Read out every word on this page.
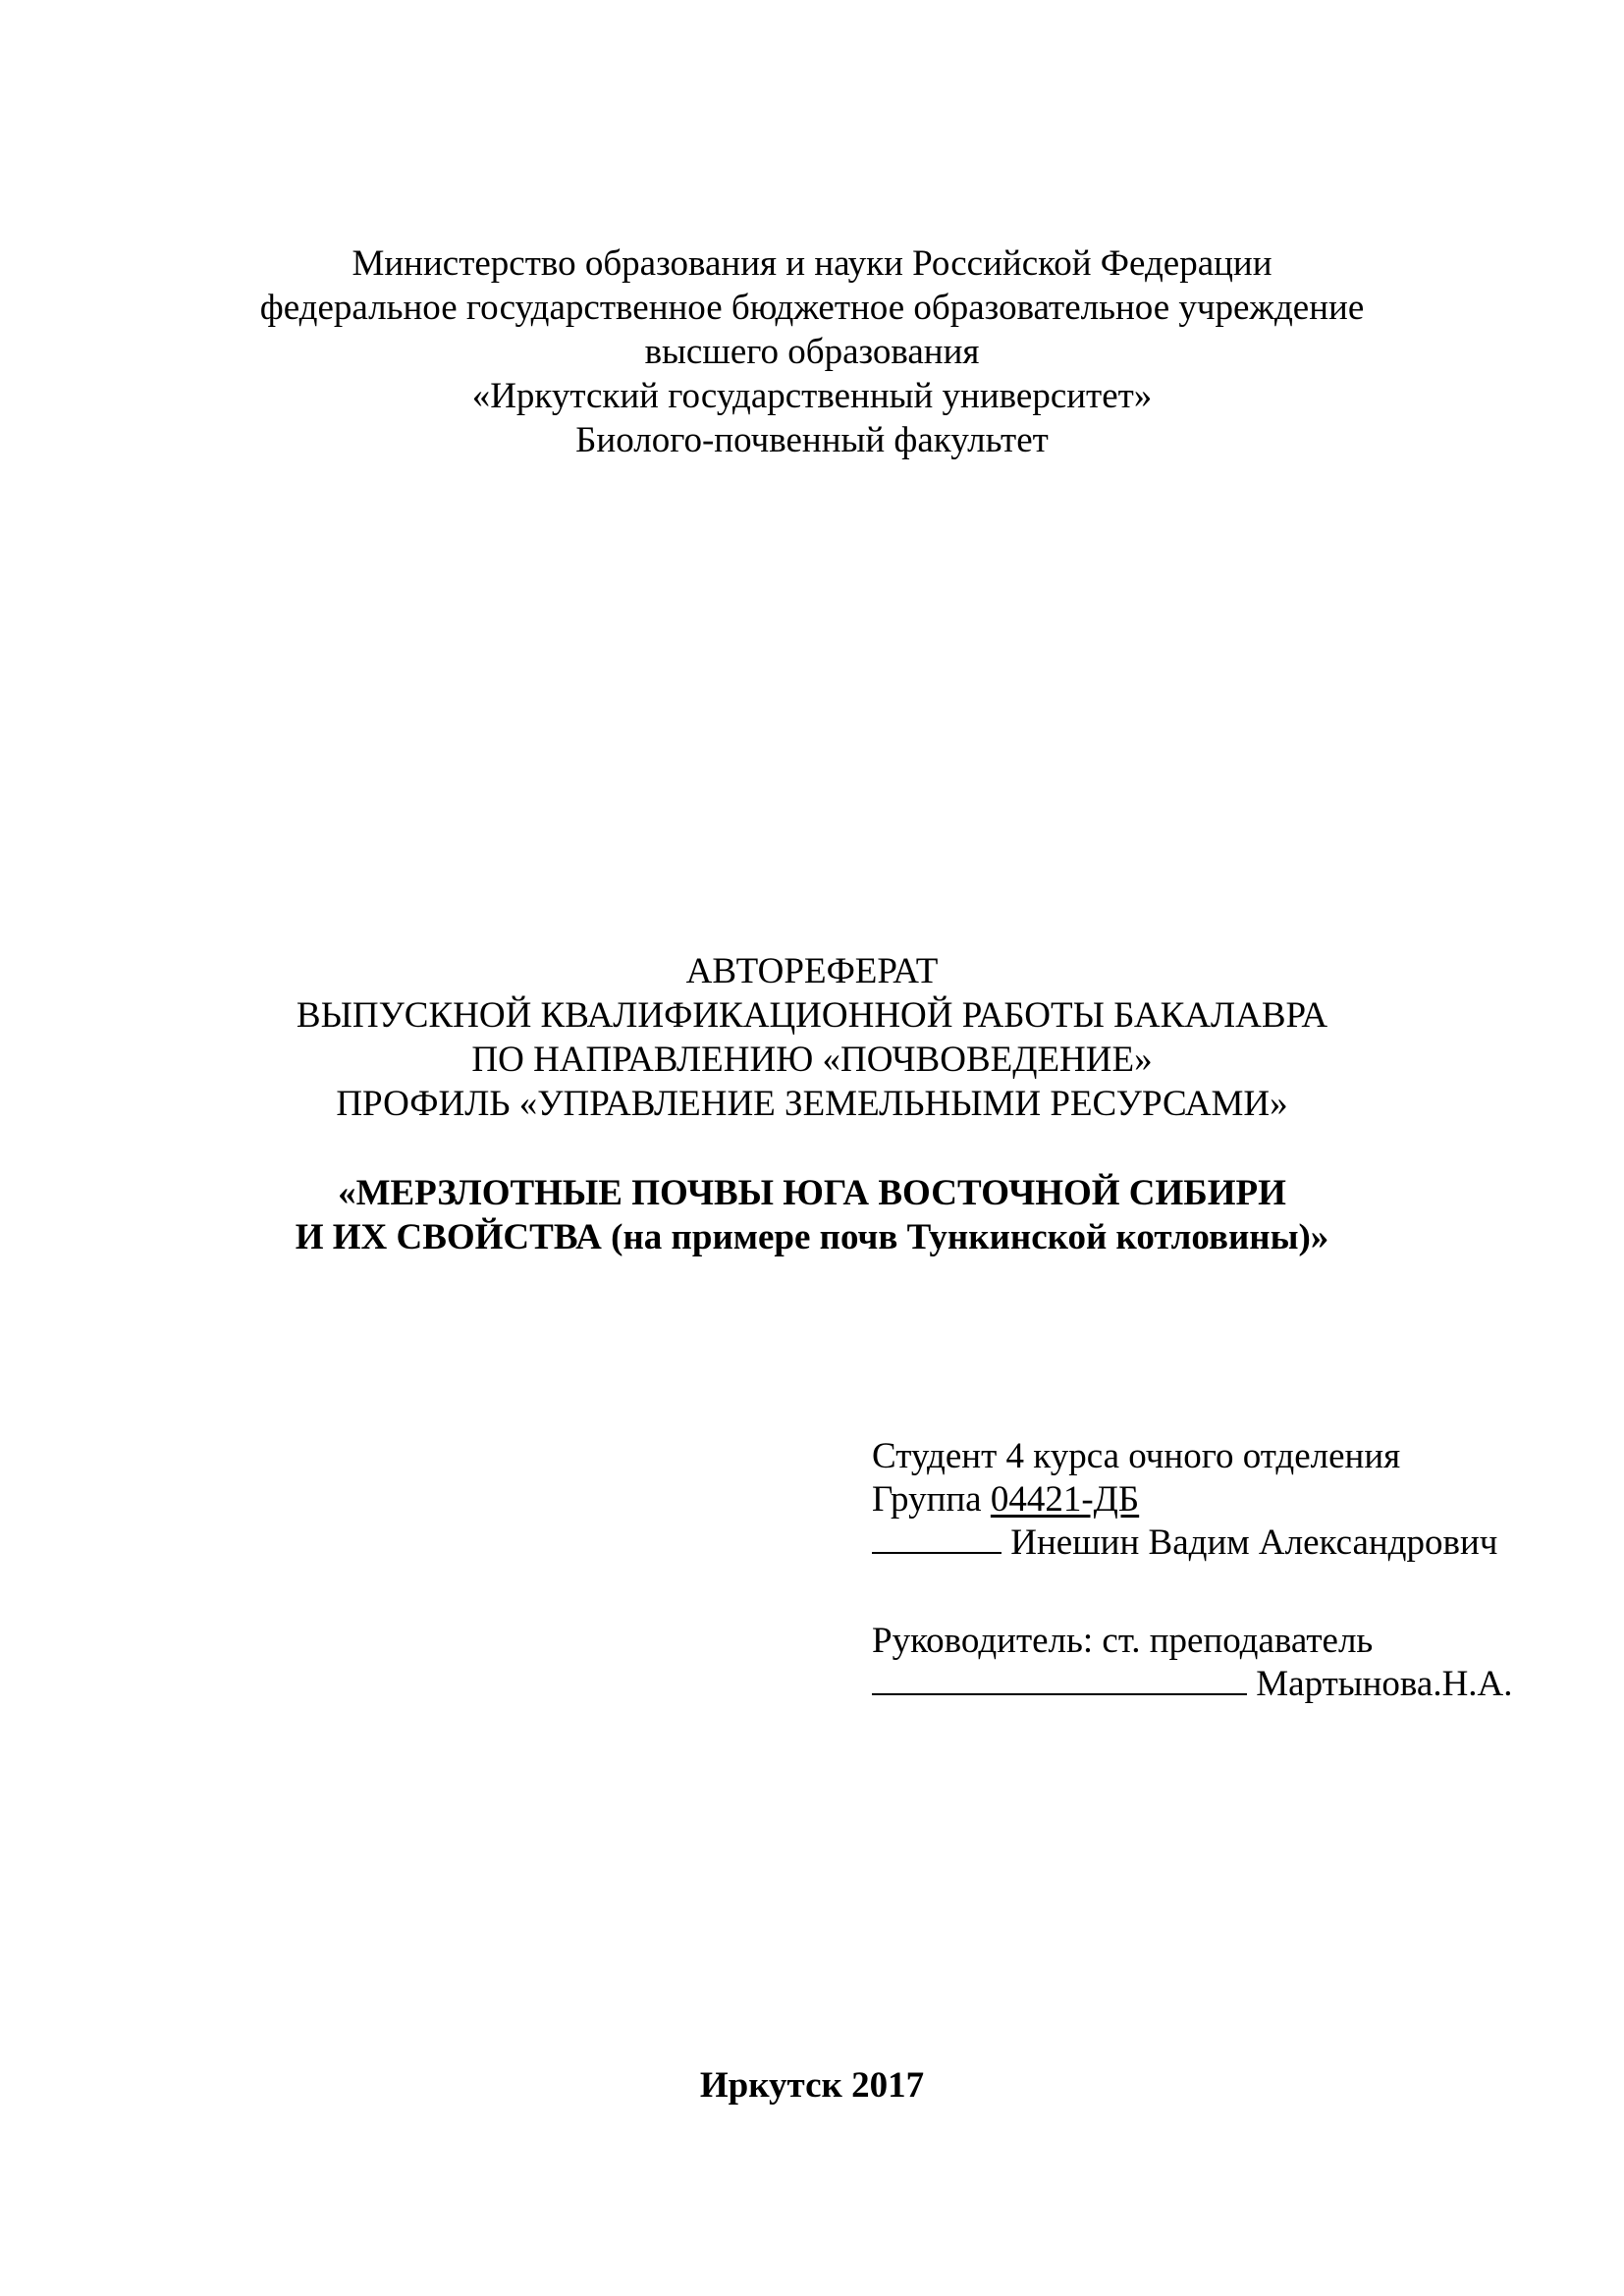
Министерство образования и науки Российской Федерации
федеральное государственное бюджетное образовательное учреждение
высшего образования
«Иркутский государственный университет»
Биолого-почвенный факультет
АВТОРЕФЕРАТ
ВЫПУСКНОЙ КВАЛИФИКАЦИОННОЙ РАБОТЫ БАКАЛАВРА
ПО НАПРАВЛЕНИЮ «ПОЧВОВЕДЕНИЕ»
ПРОФИЛЬ «УПРАВЛЕНИЕ ЗЕМЕЛЬНЫМИ РЕСУРСАМИ»
«МЕРЗЛОТНЫЕ ПОЧВЫ ЮГА ВОСТОЧНОЙ СИБИРИ
И ИХ СВОЙСТВА (на примере почв Тункинской котловины)»
Студент 4 курса очного отделения
Группа 04421-ДБ
Инешин Вадим Александрович
Руководитель: ст. преподаватель
Мартынова.Н.А.
Иркутск 2017
